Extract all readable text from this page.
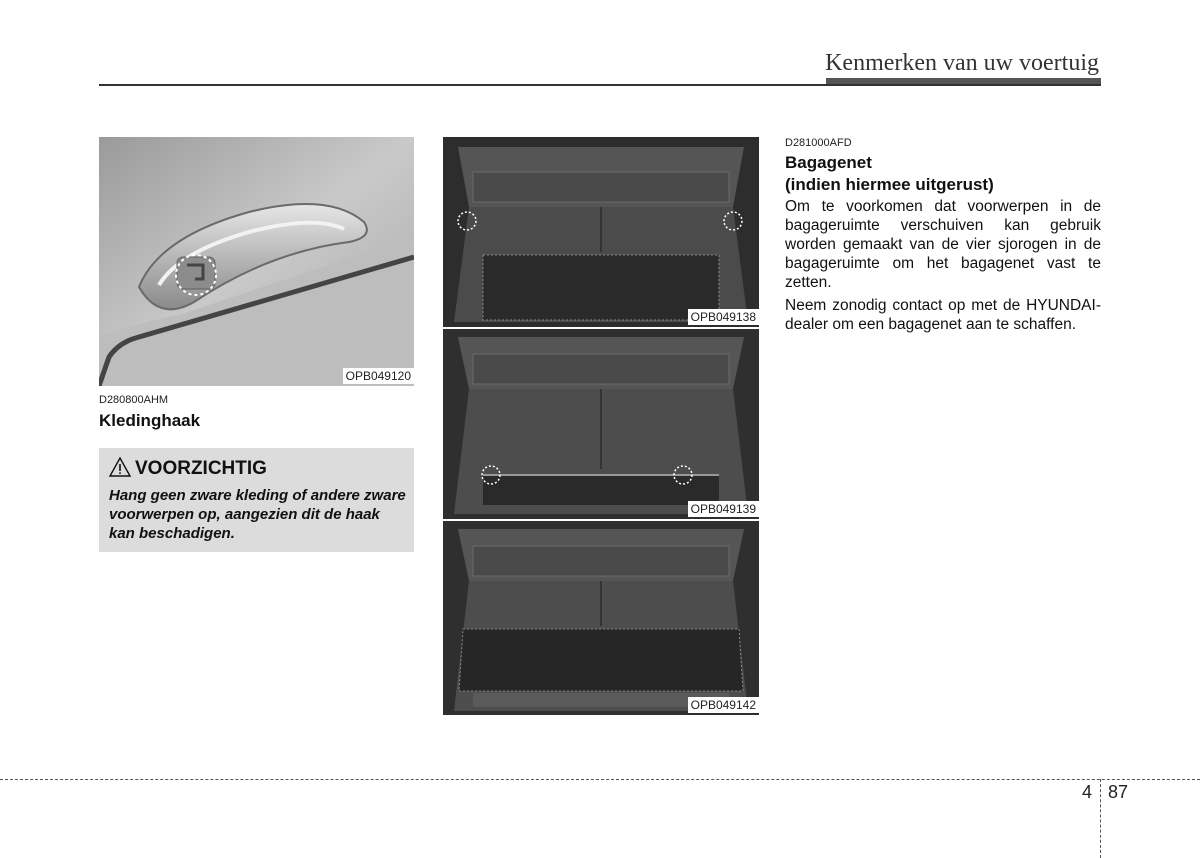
Kenmerken van uw voertuig
OPB049120
D280800AHM
Kledinghaak
VOORZICHTIG
Hang geen zware kleding of andere zware voorwerpen op, aangezien dit de haak kan beschadigen.
OPB049138
OPB049139
OPB049142
D281000AFD
Bagagenet
(indien hiermee uitgerust)
Om te voorkomen dat voorwerpen in de bagageruimte verschuiven kan gebruik worden gemaakt van de vier sjorogen in de bagageruimte om het bagagenet vast te zetten.
Neem zonodig contact op met de HYUNDAI-dealer om een bagagenet aan te schaffen.
4 87
